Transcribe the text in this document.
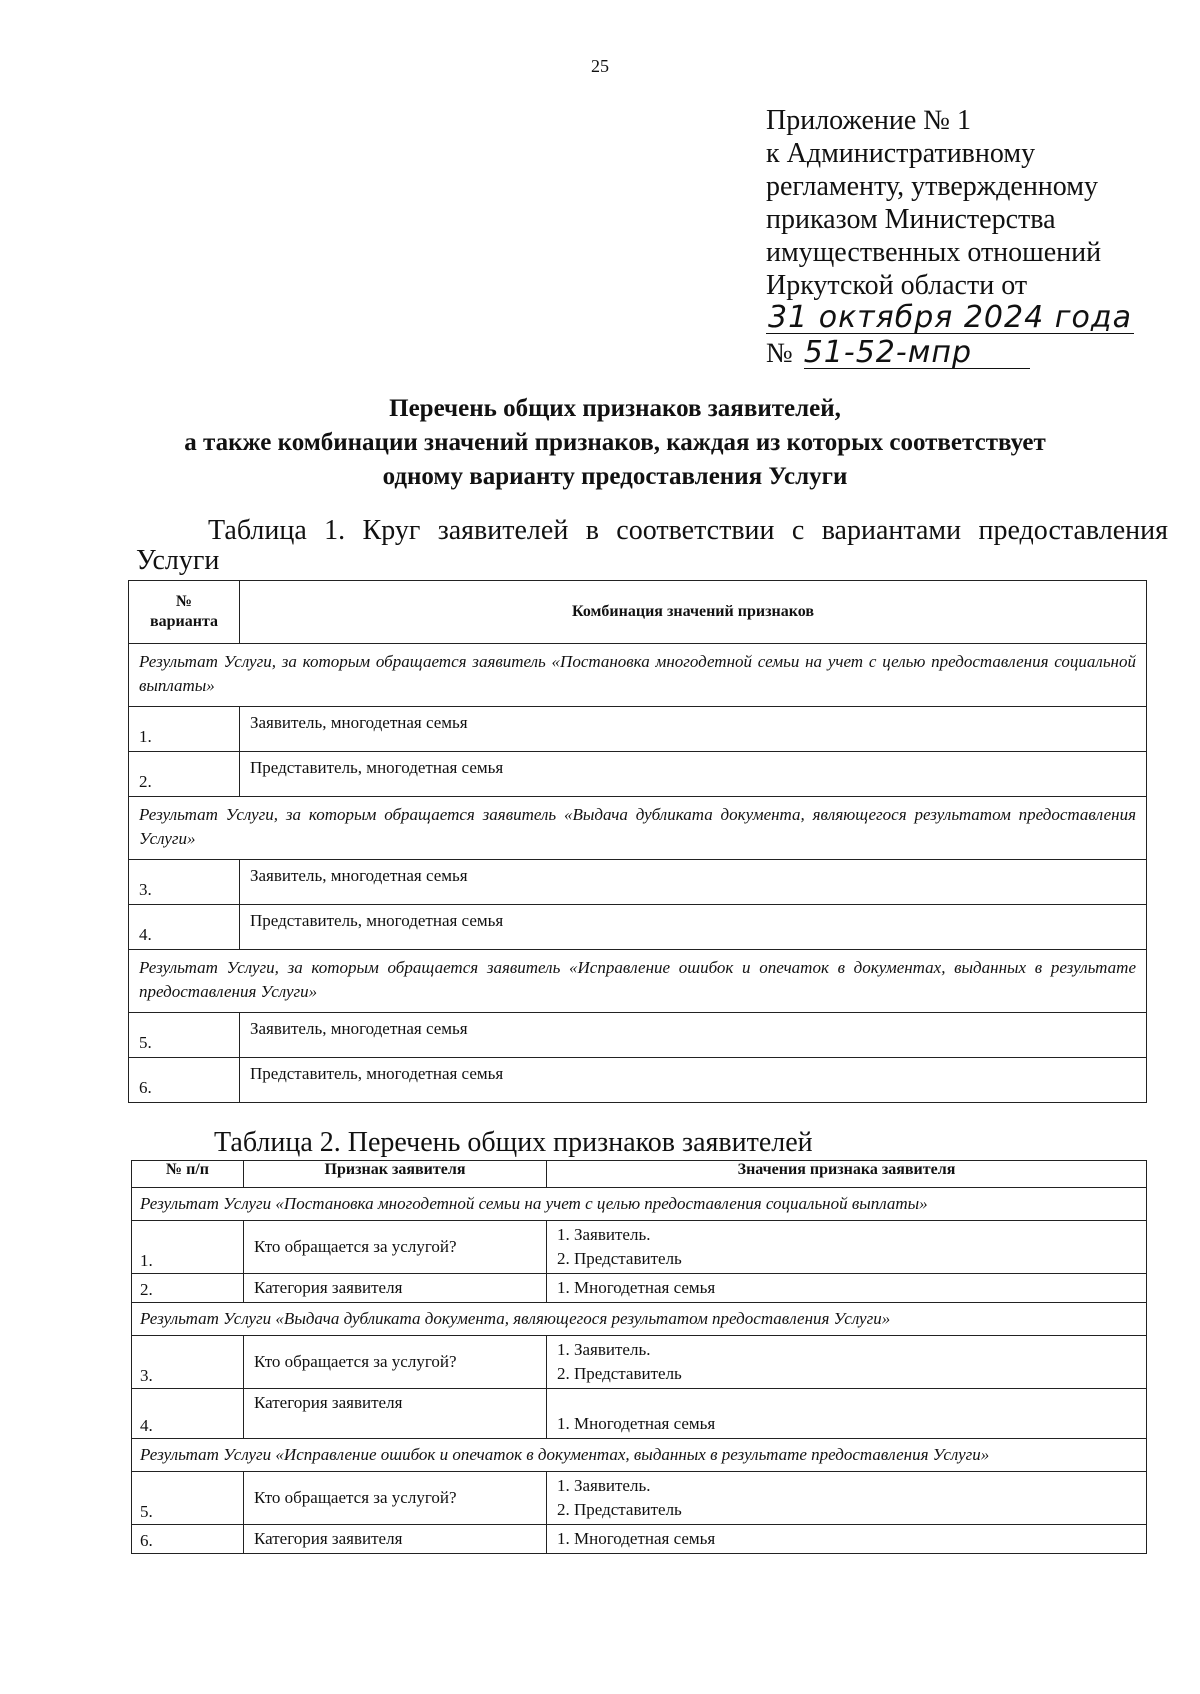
25
Приложение № 1
к Административному
регламенту, утвержденному
приказом Министерства
имущественных отношений
Иркутской области от
31 октября 2024 года
№ 51-52-мпр
Перечень общих признаков заявителей,
а также комбинации значений признаков, каждая из которых соответствует
одному варианту предоставления Услуги
Таблица 1. Круг заявителей в соответствии с вариантами предоставления
Услуги
№
варианта	Комбинация значений признаков
Результат Услуги, за которым обращается заявитель «Постановка многодетной семьи на учет с целью предоставления социальной выплаты»	

1.	Заявитель, многодетная семья

2.	Представитель, многодетная семья
Результат Услуги, за которым обращается заявитель «Выдача дубликата документа, являющегося результатом предоставления Услуги»	

3.	Заявитель, многодетная семья

4.	Представитель, многодетная семья
Результат Услуги, за которым обращается заявитель «Исправление ошибок и опечаток в документах, выданных в результате предоставления Услуги»	

5.	Заявитель, многодетная семья

6.	Представитель, многодетная семья
Таблица 2. Перечень общих признаков заявителей
№ п/п	Признак заявителя	Значения признака заявителя
Результат Услуги «Постановка многодетной семьи на учет с целью предоставления социальной выплаты»		

1.	Кто обращается за услугой?	1. Заявитель.
2. Представитель

2.	Категория заявителя	1. Многодетная семья

Результат Услуги «Выдача дубликата документа, являющегося результатом предоставления Услуги»		

3.	Кто обращается за услугой?	1. Заявитель.
2. Представитель

4.	Категория заявителя	1. Многодетная семья

Результат Услуги «Исправление ошибок и опечаток в документах, выданных в результате предоставления Услуги»		

5.	Кто обращается за услугой?	1. Заявитель.
2. Представитель

6.	Категория заявителя	1. Многодетная семья
